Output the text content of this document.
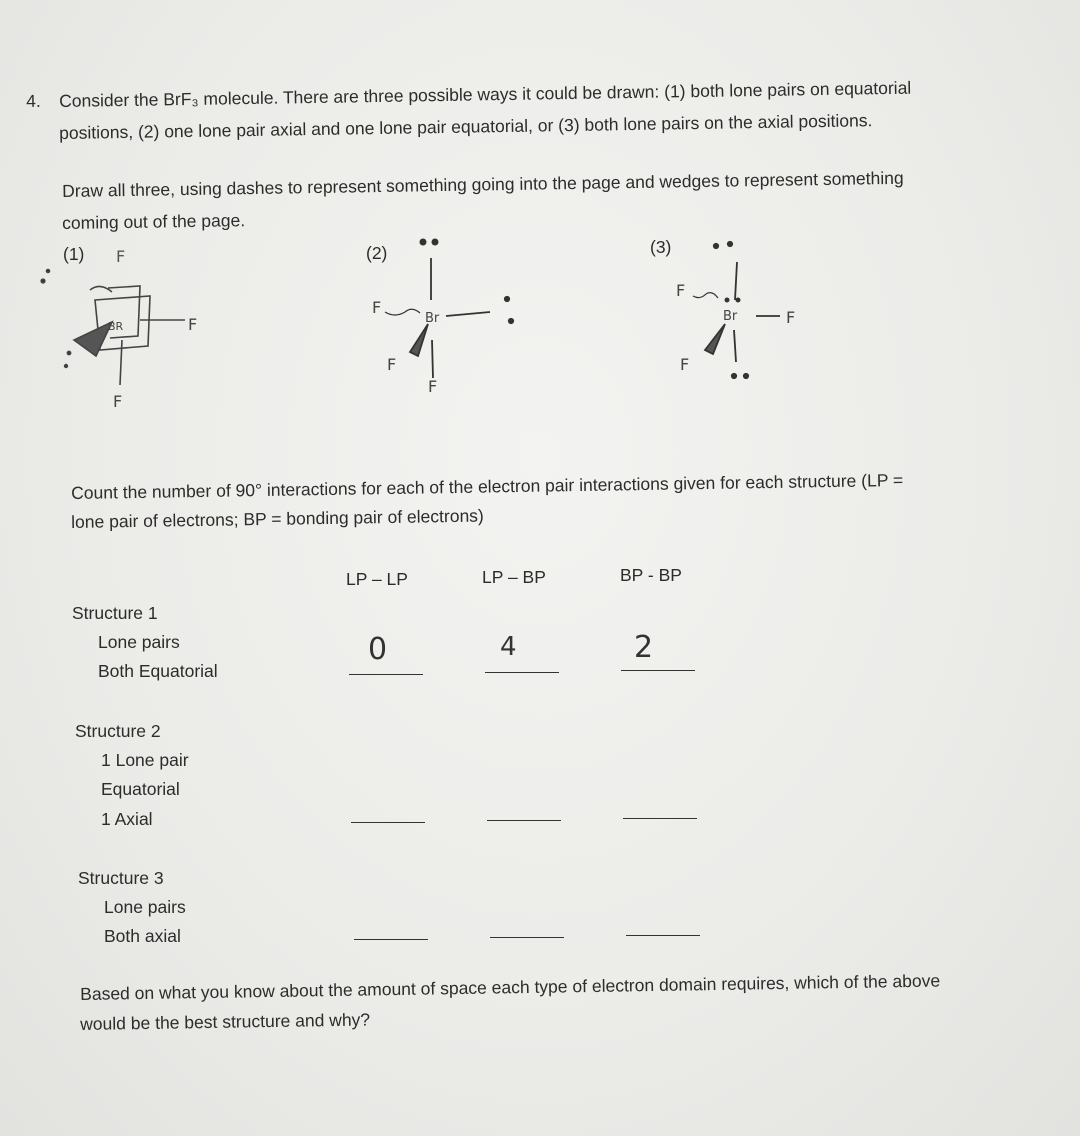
4. Consider the BrF₃ molecule. There are three possible ways it could be drawn: (1) both lone pairs on equatorial
positions, (2) one lone pair axial and one lone pair equatorial, or (3) both lone pairs on the axial positions.
Draw all three, using dashes to represent something going into the page and wedges to represent something
coming out of the page.
(1)	(2)	(3)
F
BR	F
F
F
Br
F
F
F
Br	F
F
Count the number of 90° interactions for each of the electron pair interactions given for each structure (LP =
lone pair of electrons; BP = bonding pair of electrons)
LP – LP	LP – BP	BP - BP
Structure 1
Lone pairs
Both Equatorial
0	4	2
Structure 2
1 Lone pair
Equatorial
1 Axial
Structure 3
Lone pairs
Both axial
Based on what you know about the amount of space each type of electron domain requires, which of the above
would be the best structure and why?
